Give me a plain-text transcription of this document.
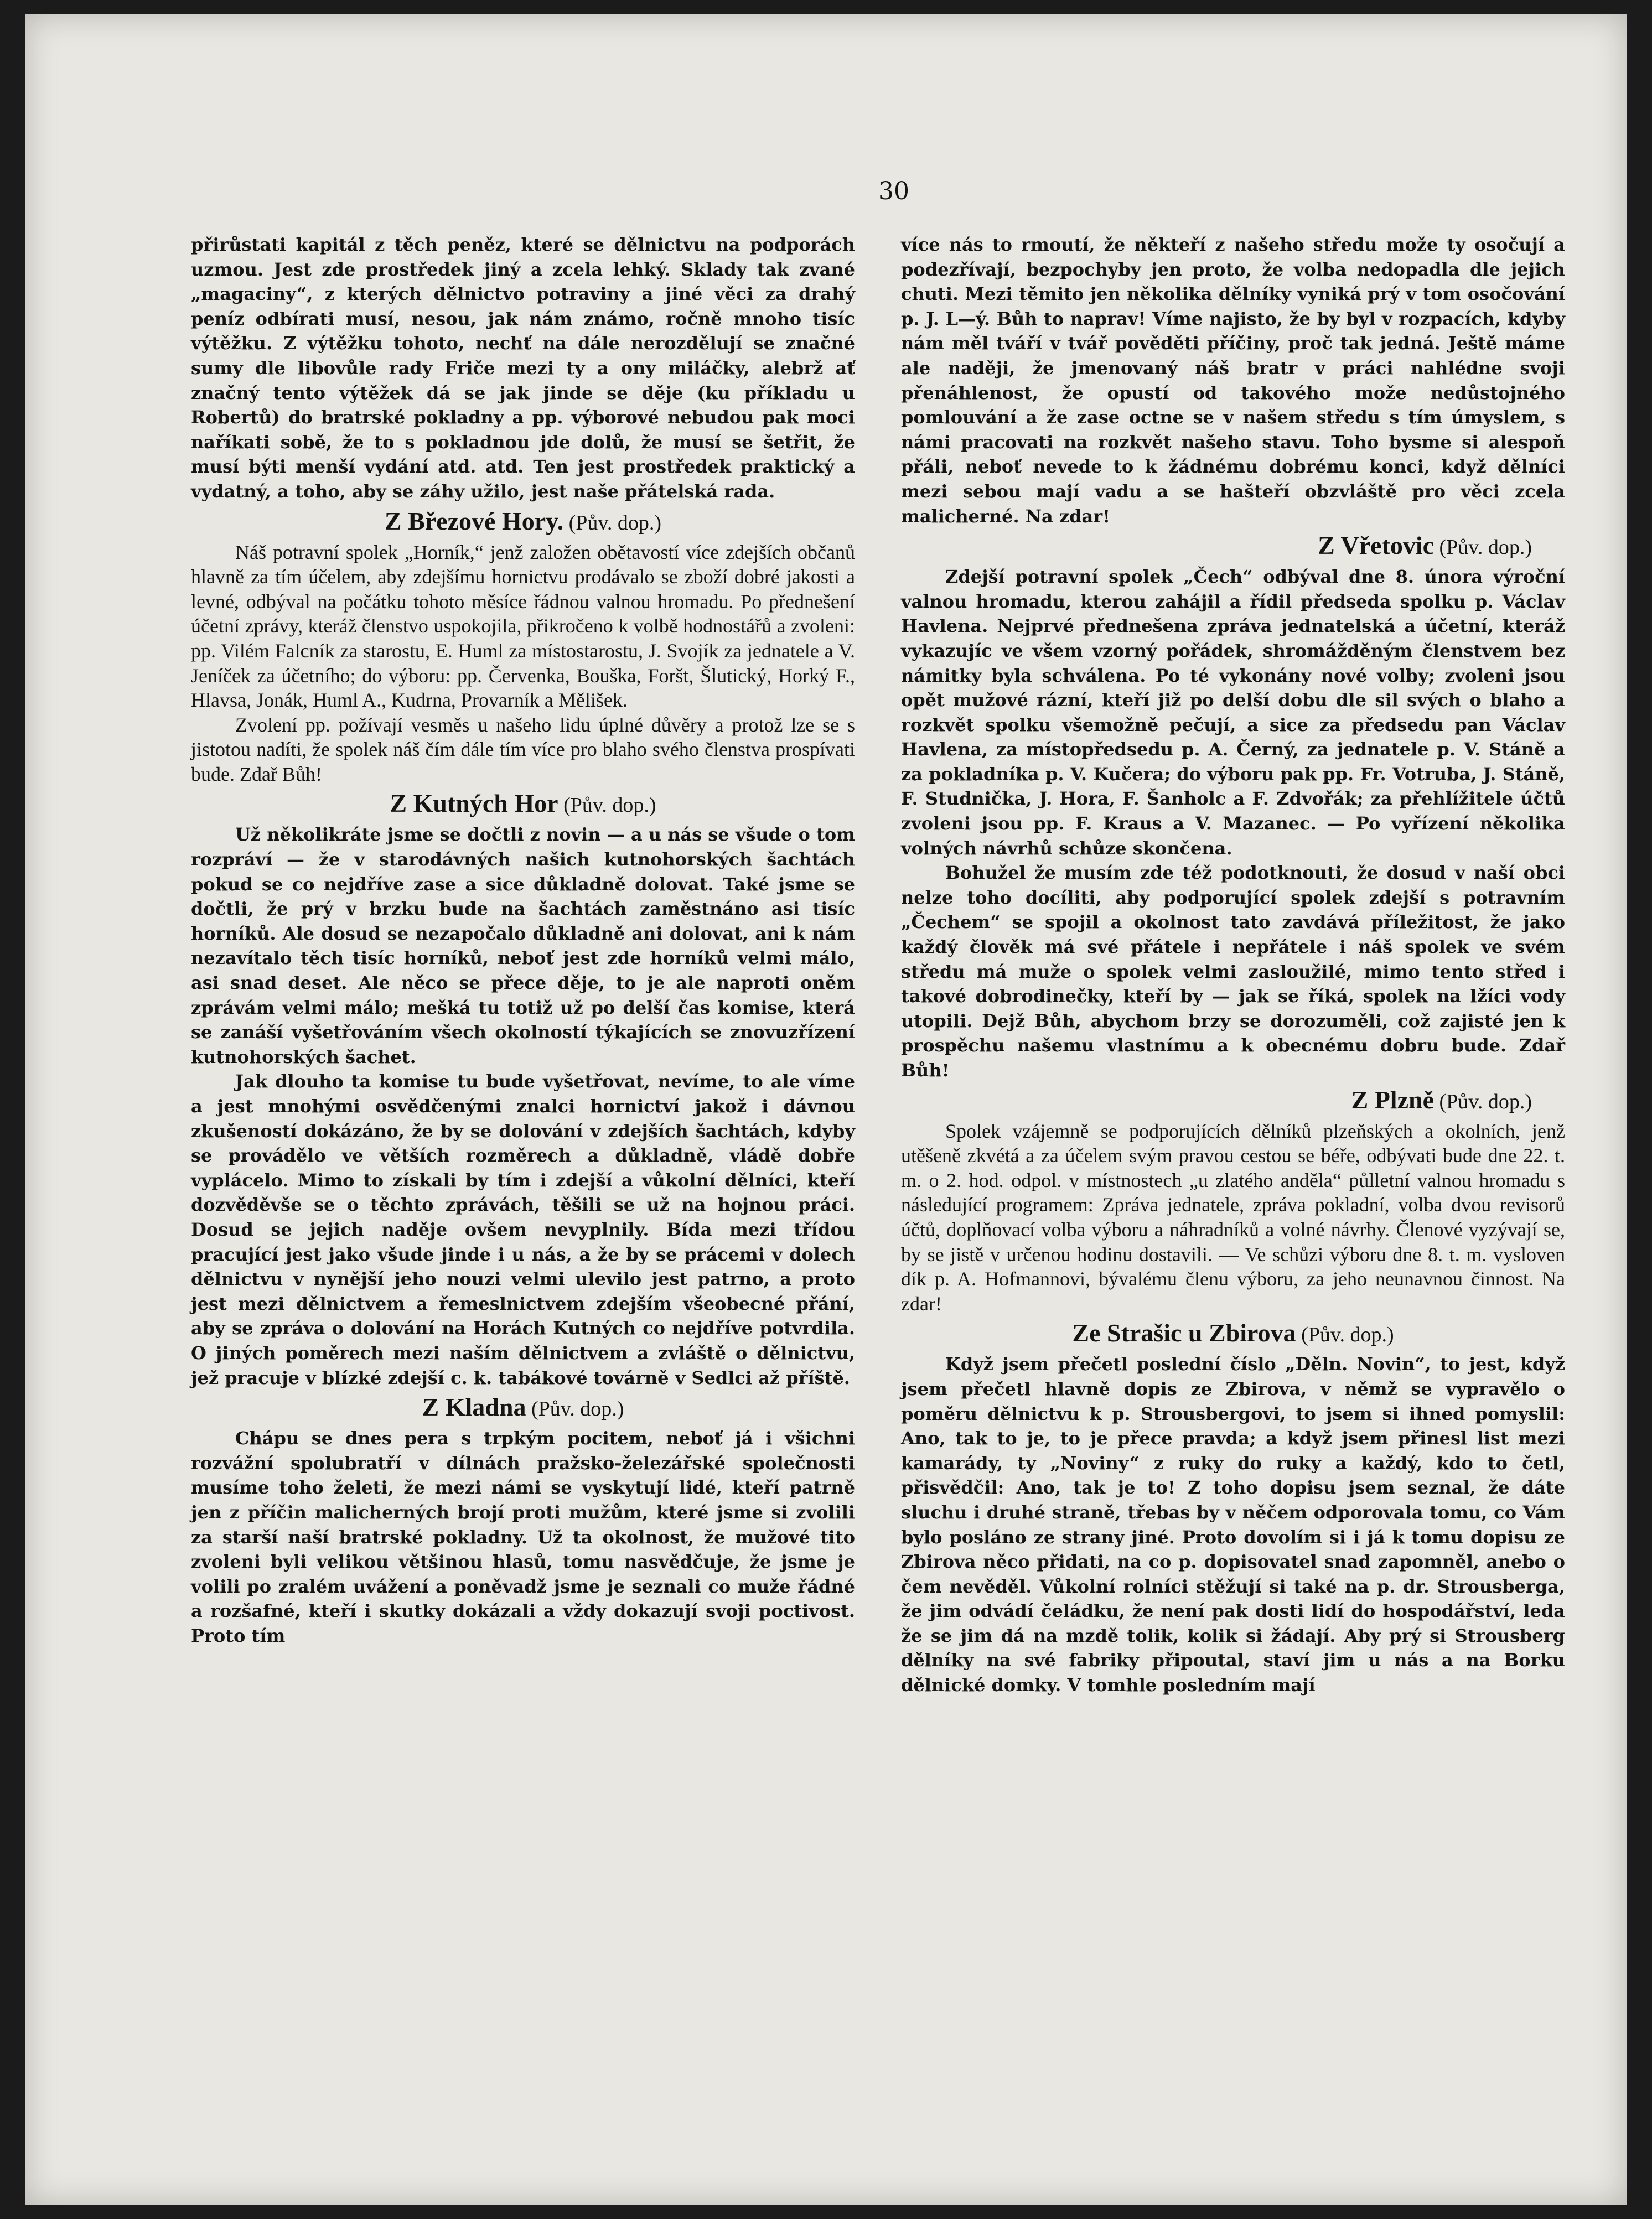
30

přirůstati kapitál z těch peněz, které se dělnictvu na podporách uzmou. Jest zde prostředek jiný a zcela lehký. Sklady tak zvané „magaciny“, z kterých dělnictvo potraviny a jiné věci za drahý peníz odbírati musí, nesou, jak nám známo, ročně mnoho tisíc výtěžku. Z výtěžku tohoto, nechť na dále nerozdělují se značné sumy dle libovůle rady Friče mezi ty a ony miláčky, alebrž ať značný tento výtěžek dá se jak jinde se děje (ku příkladu u Robertů) do bratrské pokladny a pp. výborové nebudou pak moci naříkati sobě, že to s pokladnou jde dolů, že musí se šetřit, že musí býti menší vydání atd. atd. Ten jest prostředek praktický a vydatný, a toho, aby se záhy užilo, jest naše přátelská rada.

Z Březové Hory. (Pův. dop.)

Náš potravní spolek „Horník,“ jenž založen obětavostí více zdejších občanů hlavně za tím účelem, aby zdejšímu hornictvu prodávalo se zboží dobré jakosti a levné, odbýval na počátku tohoto měsíce řádnou valnou hromadu. Po přednešení účetní zprávy, kteráž členstvo uspokojila, přikročeno k volbě hodnostářů a zvoleni: pp. Vilém Falcník za starostu, E. Huml za místostarostu, J. Svojík za jednatele a V. Jeníček za účetního; do výboru: pp. Červenka, Bouška, Foršt, Šlutický, Horký F., Hlavsa, Jonák, Huml A., Kudrna, Provarník a Mělišek.

Zvolení pp. požívají vesměs u našeho lidu úplné důvěry a protož lze se s jistotou nadíti, že spolek náš čím dále tím více pro blaho svého členstva prospívati bude. Zdař Bůh!

Z Kutných Hor (Pův. dop.)

Už několikráte jsme se dočtli z novin — a u nás se všude o tom rozpráví — že v starodávných našich kutnohorských šachtách pokud se co nejdříve zase a sice důkladně dolovat. Také jsme se dočtli, že prý v brzku bude na šachtách zaměstnáno asi tisíc horníků. Ale dosud se nezapočalo důkladně ani dolovat, ani k nám nezavítalo těch tisíc horníků, neboť jest zde horníků velmi málo, asi snad deset. Ale něco se přece děje, to je ale naproti oněm zprávám velmi málo; mešká tu totiž už po delší čas komise, která se zanáší vyšetřováním všech okolností týkajících se znovuzřízení kutnohorských šachet.

Jak dlouho ta komise tu bude vyšetřovat, nevíme, to ale víme a jest mnohými osvědčenými znalci hornictví jakož i dávnou zkušeností dokázáno, že by se dolování v zdejších šachtách, kdyby se provádělo ve větších rozměrech a důkladně, vládě dobře vyplácelo. Mimo to získali by tím i zdejší a vůkolní dělníci, kteří dozvěděvše se o těchto zprávách, těšili se už na hojnou práci. Dosud se jejich naděje ovšem nevyplnily. Bída mezi třídou pracující jest jako všude jinde i u nás, a že by se prácemi v dolech dělnictvu v nynější jeho nouzi velmi ulevilo jest patrno, a proto jest mezi dělnictvem a řemeslnictvem zdejším všeobecné přání, aby se zpráva o dolování na Horách Kutných co nejdříve potvrdila. O jiných poměrech mezi naším dělnictvem a zvláště o dělnictvu, jež pracuje v blízké zdejší c. k. tabákové továrně v Sedlci až příště.

Z Kladna (Pův. dop.)

Chápu se dnes pera s trpkým pocitem, neboť já i všichni rozvážní spolubratří v dílnách pražsko-železářské společnosti musíme toho želeti, že mezi námi se vyskytují lidé, kteří patrně jen z příčin malicherných brojí proti mužům, které jsme si zvolili za starší naší bratrské pokladny. Už ta okolnost, že mužové tito zvoleni byli velikou většinou hlasů, tomu nasvědčuje, že jsme je volili po zralém uvážení a poněvadž jsme je seznali co muže řádné a rozšafné, kteří i skutky dokázali a vždy dokazují svoji poctivost. Proto tím

více nás to rmoutí, že někteří z našeho středu može ty osočují a podezřívají, bezpochyby jen proto, že volba nedopadla dle jejich chuti. Mezi těmito jen několika dělníky vyniká prý v tom osočování p. J. L—ý. Bůh to naprav! Víme najisto, že by byl v rozpacích, kdyby nám měl tváří v tvář pověděti příčiny, proč tak jedná. Ještě máme ale naději, že jmenovaný náš bratr v práci nahlédne svoji přenáhlenost, že opustí od takového može nedůstojného pomlouvání a že zase octne se v našem středu s tím úmyslem, s námi pracovati na rozkvět našeho stavu. Toho bysme si alespoň přáli, neboť nevede to k žádnému dobrému konci, když dělníci mezi sebou mají vadu a se hašteří obzvláště pro věci zcela malicherné. Na zdar!

Z Vřetovic (Pův. dop.)

Zdejší potravní spolek „Čech“ odbýval dne 8. února výroční valnou hromadu, kterou zahájil a řídil předseda spolku p. Václav Havlena. Nejprvé přednešena zpráva jednatelská a účetní, kteráž vykazujíc ve všem vzorný pořádek, shromážděným členstvem bez námitky byla schválena. Po té vykonány nové volby; zvoleni jsou opět mužové rázní, kteří již po delší dobu dle sil svých o blaho a rozkvět spolku všemožně pečují, a sice za předsedu pan Václav Havlena, za místopředsedu p. A. Černý, za jednatele p. V. Stáně a za pokladníka p. V. Kučera; do výboru pak pp. Fr. Votruba, J. Stáně, F. Studnička, J. Hora, F. Šanholc a F. Zdvořák; za přehlížitele účtů zvoleni jsou pp. F. Kraus a V. Mazanec. — Po vyřízení několika volných návrhů schůze skončena.

Bohužel že musím zde též podotknouti, že dosud v naší obci nelze toho docíliti, aby podporující spolek zdejší s potravním „Čechem“ se spojil a okolnost tato zavdává příležitost, že jako každý člověk má své přátele i nepřátele i náš spolek ve svém středu má muže o spolek velmi zasloužilé, mimo tento střed i takové dobrodinečky, kteří by — jak se říká, spolek na lžíci vody utopili. Dejž Bůh, abychom brzy se dorozuměli, což zajisté jen k prospěchu našemu vlastnímu a k obecnému dobru bude. Zdař Bůh!

Z Plzně (Pův. dop.)

Spolek vzájemně se podporujících dělníků plzeňských a okolních, jenž utěšeně zkvétá a za účelem svým pravou cestou se béře, odbývati bude dne 22. t. m. o 2. hod. odpol. v místnostech „u zlatého anděla“ půlletní valnou hromadu s následující programem: Zpráva jednatele, zpráva pokladní, volba dvou revisorů účtů, doplňovací volba výboru a náhradníků a volné návrhy. Členové vyzývají se, by se jistě v určenou hodinu dostavili. — Ve schůzi výboru dne 8. t. m. vysloven dík p. A. Hofmannovi, bývalému členu výboru, za jeho neunavnou činnost. Na zdar!

Ze Strašic u Zbirova (Pův. dop.)

Když jsem přečetl poslední číslo „Děln. Novin“, to jest, když jsem přečetl hlavně dopis ze Zbirova, v němž se vypravělo o poměru dělnictvu k p. Strousbergovi, to jsem si ihned pomyslil: Ano, tak to je, to je přece pravda; a když jsem přinesl list mezi kamarády, ty „Noviny“ z ruky do ruky a každý, kdo to četl, přisvědčil: Ano, tak je to! Z toho dopisu jsem seznal, že dáte sluchu i druhé straně, třebas by v něčem odporovala tomu, co Vám bylo posláno ze strany jiné. Proto dovolím si i já k tomu dopisu ze Zbirova něco přidati, na co p. dopisovatel snad zapomněl, anebo o čem nevěděl. Vůkolní rolníci stěžují si také na p. dr. Strousberga, že jim odvádí čeládku, že není pak dosti lidí do hospodářství, leda že se jim dá na mzdě tolik, kolik si žádají. Aby prý si Strousberg dělníky na své fabriky připoutal, staví jim u nás a na Borku dělnické domky. V tomhle posledním mají
